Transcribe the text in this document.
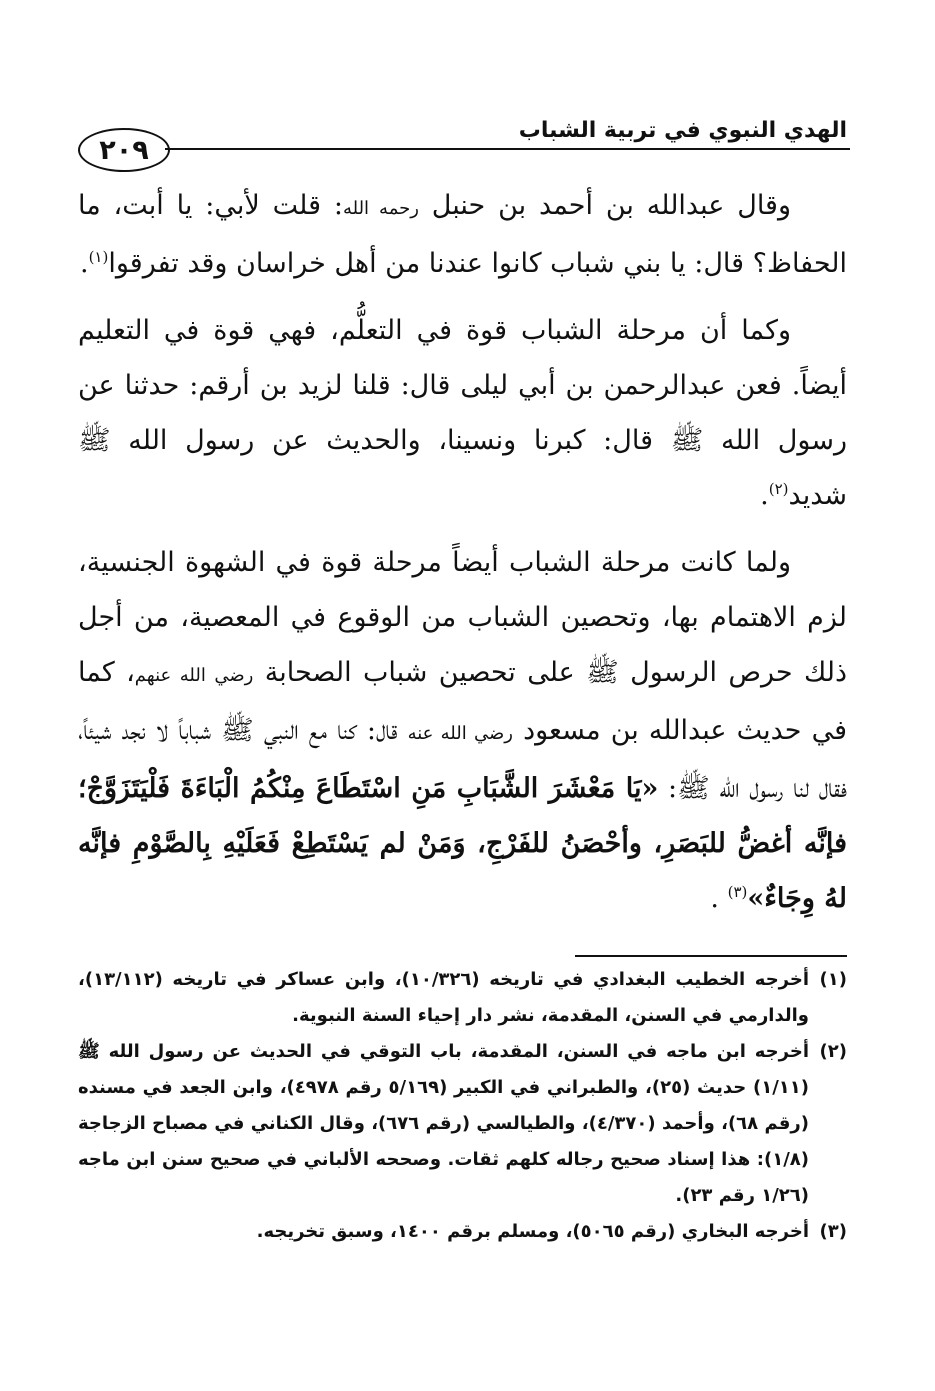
الهدي النبوي في تربية الشباب
٢٠٩

وقال عبدالله بن أحمد بن حنبل رحمه الله: قلت لأبي: يا أبت، ما الحفاظ؟ قال: يا بني شباب كانوا عندنا من أهل خراسان وقد تفرقوا$^{(١)}$.

وكما أن مرحلة الشباب قوة في التعلُّم، فهي قوة في التعليم أيضاً. فعن عبدالرحمن بن أبي ليلى قال: قلنا لزيد بن أرقم: حدثنا عن رسول الله ﷺ قال: كبرنا ونسينا، والحديث عن رسول الله ﷺ شديد$^{(٢)}$.

ولما كانت مرحلة الشباب أيضاً مرحلة قوة في الشهوة الجنسية، لزم الاهتمام بها، وتحصين الشباب من الوقوع في المعصية، من أجل ذلك حرص الرسول ﷺ على تحصين شباب الصحابة رضي الله عنهم، كما في حديث عبدالله بن مسعود رضي الله عنه قال: كنا مع النبي ﷺ شباباً لا نجد شيئاً، فقال لنا رسول الله ﷺ: «يَا مَعْشَرَ الشَّبَابِ مَنِ اسْتَطَاعَ مِنْكُمُ الْبَاءَةَ فَلْيَتَزَوَّجْ؛ فإنَّه أغضُّ للبَصَرِ، وأحْصَنُ للفَرْجِ، وَمَنْ لم يَسْتَطِعْ فَعَلَيْهِ بِالصَّوْمِ فإنَّه لهُ وِجَاءٌ»$^{(٣)}$ .

(١)
أخرجه الخطيب البغدادي في تاريخه (١٠/٣٢٦)، وابن عساكر في تاريخه (١٣/١١٢)، والدارمي في السنن، المقدمة، نشر دار إحياء السنة النبوية.
(٢)
أخرجه ابن ماجه في السنن، المقدمة، باب التوقي في الحديث عن رسول الله ﷺ (١/١١) حديث (٢٥)، والطبراني في الكبير (٥/١٦٩ رقم ٤٩٧٨)، وابن الجعد في مسنده (رقم ٦٨)، وأحمد (٤/٣٧٠)، والطيالسي (رقم ٦٧٦)، وقال الكناني في مصباح الزجاجة (١/٨): هذا إسناد صحيح رجاله كلهم ثقات. وصححه الألباني في صحيح سنن ابن ماجه (١/٢٦ رقم ٢٣).
(٣)
أخرجه البخاري (رقم ٥٠٦٥)، ومسلم برقم ١٤٠٠، وسبق تخريجه.
